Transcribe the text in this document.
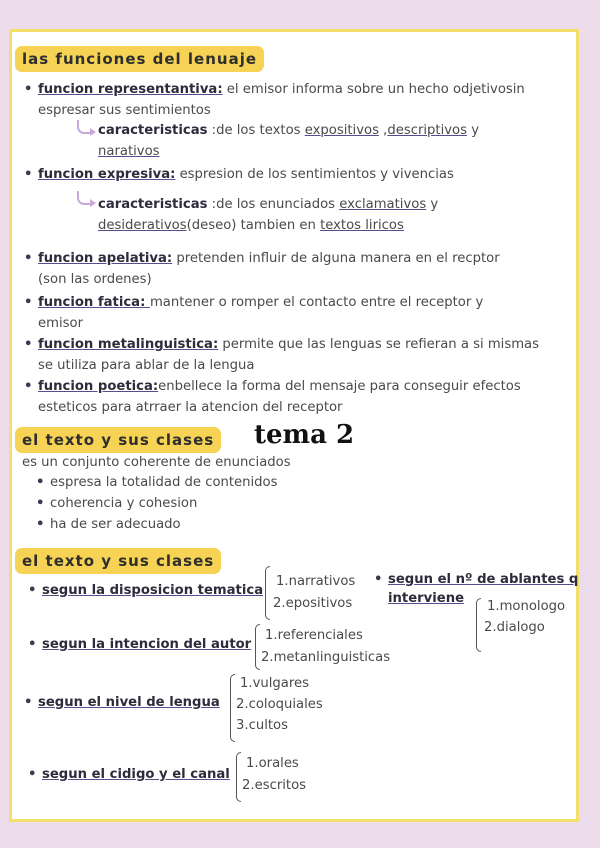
las funciones del lenuaje
• funcion representantiva: el emisor informa sobre un hecho odjetivosin
espresar sus sentimientos
caracteristicas :de los textos expositivos ,descriptivos y
narativos
• funcion expresiva: espresion de los sentimientos y vivencias
caracteristicas :de los enunciados exclamativos y
desiderativos(deseo) tambien en textos liricos
• funcion apelativa: pretenden influir de alguna manera en el recptor
(son las ordenes)
• funcion fatica: mantener o romper el contacto entre el receptor y
emisor
• funcion metalinguistica: permite que las lenguas se refieran a si mismas
se utiliza para ablar de la lengua
• funcion poetica:enbellece la forma del mensaje para conseguir efectos
esteticos para atrraer la atencion del receptor
el texto y sus clases tema 2
es un conjunto coherente de enunciados
• espresa la totalidad de contenidos
• coherencia y cohesion
• ha de ser adecuado
el texto y sus clases
• segun la disposicion tematica
1.narrativos
2.epositivos
• segun el nº de ablantes q
interviene
1.monologo
2.dialogo
• segun la intencion del autor
1.referenciales
2.metanlinguisticas
• segun el nivel de lengua
1.vulgares
2.coloquiales
3.cultos
• segun el cidigo y el canal
1.orales
2.escritos
